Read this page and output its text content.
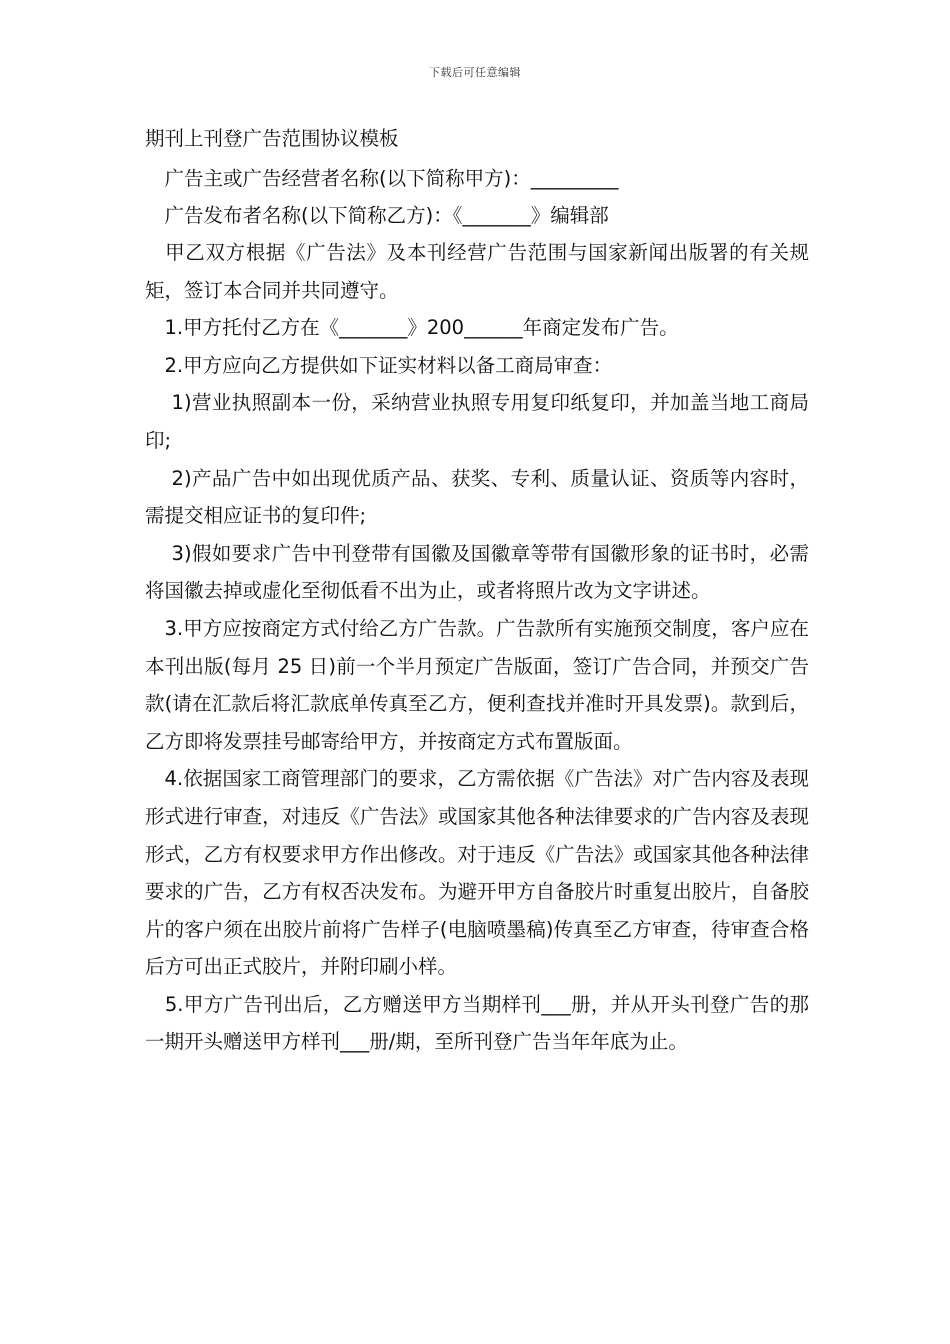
下载后可任意编辑
期刊上刊登广告范围协议模板

　广告主或广告经营者名称(以下简称甲方)：_________

　广告发布者名称(以下简称乙方)：《_______》编辑部

　甲乙双方根据《广告法》及本刊经营广告范围与国家新闻出版署的有关规矩，签订本合同并共同遵守。

　1.甲方托付乙方在《_______》200______年商定发布广告。

　2.甲方应向乙方提供如下证实材料以备工商局审查：

　 1)营业执照副本一份，采纳营业执照专用复印纸复印，并加盖当地工商局印;

　 2)产品广告中如出现优质产品、获奖、专利、质量认证、资质等内容时， 需提交相应证书的复印件;

　 3)假如要求广告中刊登带有国徽及国徽章等带有国徽形象的证书时，必需将国徽去掉或虚化至彻低看不出为止，或者将照片改为文字讲述。

　3.甲方应按商定方式付给乙方广告款。广告款所有实施预交制度，客户应在本刊出版(每月 25 日)前一个半月预定广告版面，签订广告合同，并预交广告款(请在汇款后将汇款底单传真至乙方，便利查找并准时开具发票)。款到后，乙方即将发票挂号邮寄给甲方，并按商定方式布置版面。

　4.依据国家工商管理部门的要求，乙方需依据《广告法》对广告内容及表现形式进行审查，对违反《广告法》或国家其他各种法律要求的广告内容及表现形式，乙方有权要求甲方作出修改。对于违反《广告法》或国家其他各种法律要求的广告，乙方有权否决发布。为避开甲方自备胶片时重复出胶片，自备胶片的客户须在出胶片前将广告样子(电脑喷墨稿)传真至乙方审查，待审查合格后方可出正式胶片，并附印刷小样。

　5.甲方广告刊出后，乙方赠送甲方当期样刊___册，并从开头刊登广告的那一期开头赠送甲方样刊___册/期，至所刊登广告当年年底为止。
